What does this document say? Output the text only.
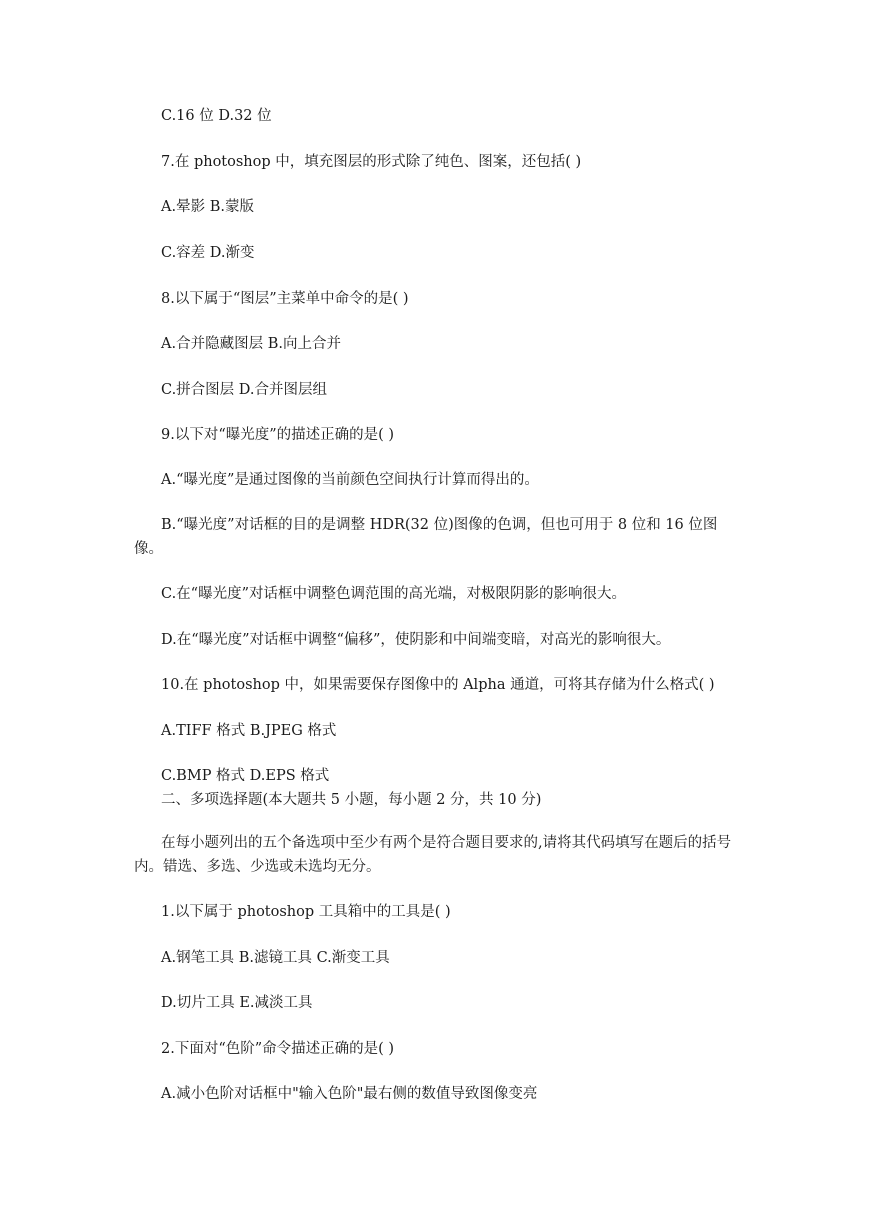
C.16 位 D.32 位

7.在 photoshop 中，填充图层的形式除了纯色、图案，还包括( )

A.晕影 B.蒙版

C.容差 D.渐变

8.以下属于“图层”主菜单中命令的是( )

A.合并隐藏图层 B.向上合并

C.拼合图层 D.合并图层组

9.以下对“曝光度”的描述正确的是( )

A.“曝光度”是通过图像的当前颜色空间执行计算而得出的。

B.“曝光度”对话框的目的是调整 HDR(32 位)图像的色调，但也可用于 8 位和 16 位图像。

C.在“曝光度”对话框中调整色调范围的高光端，对极限阴影的影响很大。

D.在“曝光度”对话框中调整“偏移”，使阴影和中间端变暗，对高光的影响很大。

10.在 photoshop 中，如果需要保存图像中的 Alpha 通道，可将其存储为什么格式( )

A.TIFF 格式 B.JPEG 格式

C.BMP 格式 D.EPS 格式

二、多项选择题(本大题共 5 小题，每小题 2 分，共 10 分)

在每小题列出的五个备选项中至少有两个是符合题目要求的,请将其代码填写在题后的括号内。错选、多选、少选或未选均无分。

1.以下属于 photoshop 工具箱中的工具是( )

A.钢笔工具 B.滤镜工具 C.渐变工具

D.切片工具 E.减淡工具

2.下面对“色阶”命令描述正确的是( )

A.减小色阶对话框中"输入色阶"最右侧的数值导致图像变亮
